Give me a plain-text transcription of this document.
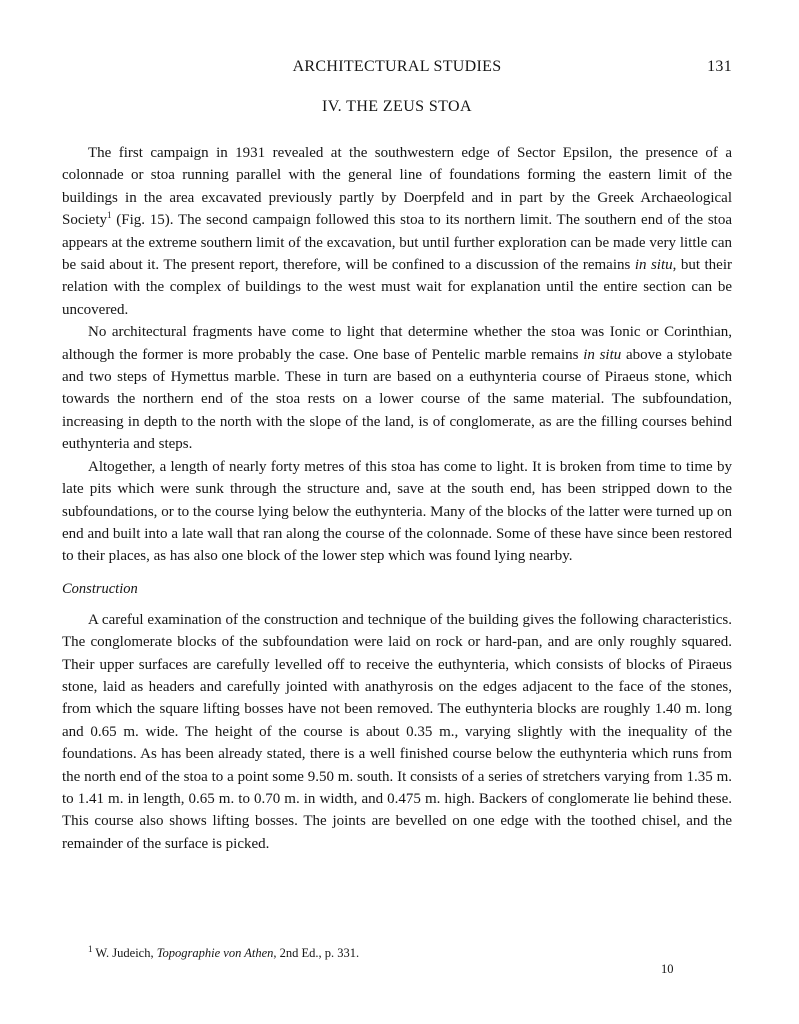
ARCHITECTURAL STUDIES	131
IV. THE ZEUS STOA

The first campaign in 1931 revealed at the southwestern edge of Sector Epsilon, the presence of a colonnade or stoa running parallel with the general line of foundations forming the eastern limit of the buildings in the area excavated previously partly by Doerpfeld and in part by the Greek Archaeological Society$^1$ (Fig. 15). The second campaign followed this stoa to its northern limit. The southern end of the stoa appears at the extreme southern limit of the excavation, but until further exploration can be made very little can be said about it. The present report, therefore, will be confined to a discussion of the remains in situ, but their relation with the complex of buildings to the west must wait for explanation until the entire section can be uncovered.

No architectural fragments have come to light that determine whether the stoa was Ionic or Corinthian, although the former is more probably the case. One base of Pentelic marble remains in situ above a stylobate and two steps of Hymettus marble. These in turn are based on a euthynteria course of Piraeus stone, which towards the northern end of the stoa rests on a lower course of the same material. The subfoundation, increasing in depth to the north with the slope of the land, is of conglomerate, as are the filling courses behind euthynteria and steps.

Altogether, a length of nearly forty metres of this stoa has come to light. It is broken from time to time by late pits which were sunk through the structure and, save at the south end, has been stripped down to the subfoundations, or to the course lying below the euthynteria. Many of the blocks of the latter were turned up on end and built into a late wall that ran along the course of the colonnade. Some of these have since been restored to their places, as has also one block of the lower step which was found lying nearby.

Construction

A careful examination of the construction and technique of the building gives the following characteristics. The conglomerate blocks of the subfoundation were laid on rock or hard-pan, and are only roughly squared. Their upper surfaces are carefully levelled off to receive the euthynteria, which consists of blocks of Piraeus stone, laid as headers and carefully jointed with anathyrosis on the edges adjacent to the face of the stones, from which the square lifting bosses have not been removed. The euthynteria blocks are roughly 1.40 m. long and 0.65 m. wide. The height of the course is about 0.35 m., varying slightly with the inequality of the foundations. As has been already stated, there is a well finished course below the euthynteria which runs from the north end of the stoa to a point some 9.50 m. south. It consists of a series of stretchers varying from 1.35 m. to 1.41 m. in length, 0.65 m. to 0.70 m. in width, and 0.475 m. high. Backers of conglomerate lie behind these. This course also shows lifting bosses. The joints are bevelled on one edge with the toothed chisel, and the remainder of the surface is picked.

$^1$ W. Judeich, Topographie von Athen, 2nd Ed., p. 331.
10
